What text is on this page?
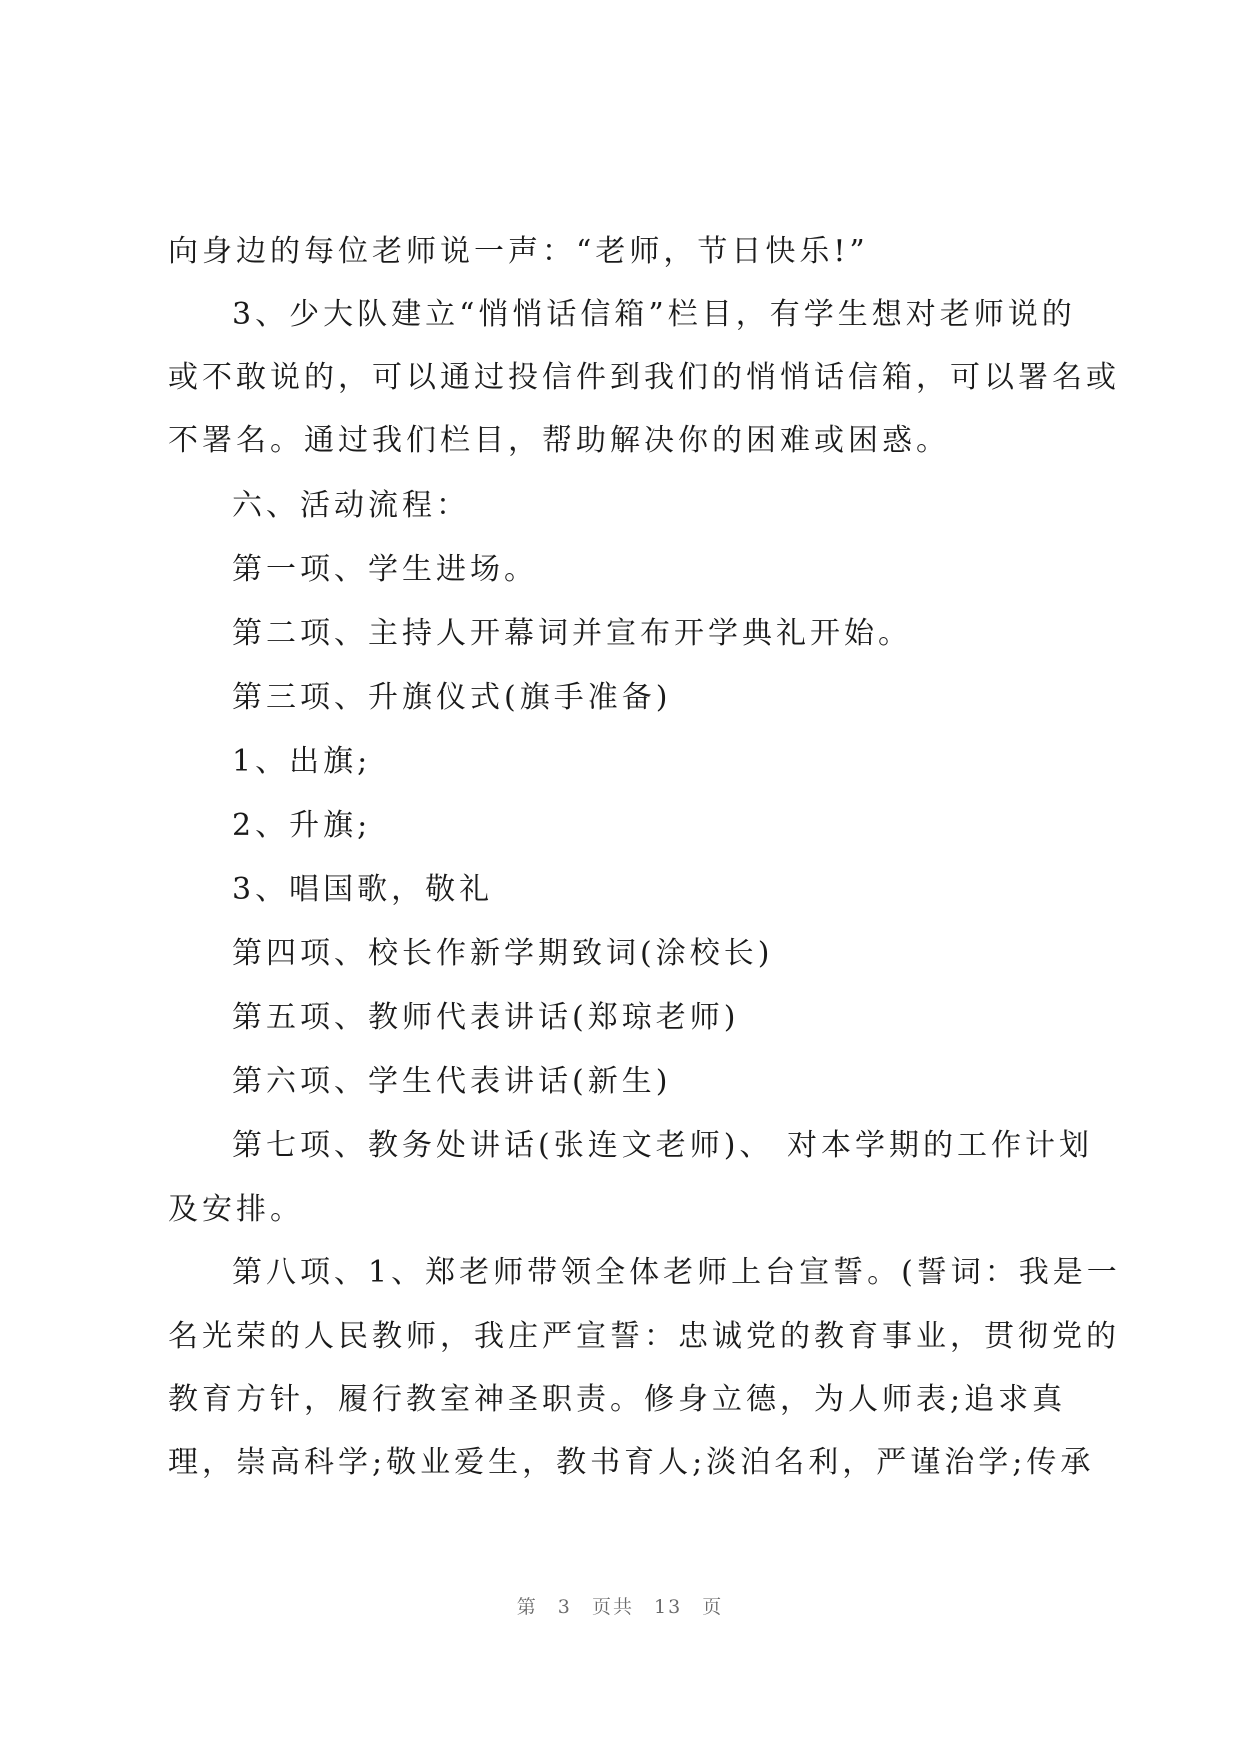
向身边的每位老师说一声：“老师，节日快乐!”
3、少大队建立“悄悄话信箱”栏目，有学生想对老师说的
或不敢说的，可以通过投信件到我们的悄悄话信箱，可以署名或
不署名。通过我们栏目，帮助解决你的困难或困惑。
六、活动流程：
第一项、学生进场。
第二项、主持人开幕词并宣布开学典礼开始。
第三项、升旗仪式(旗手准备)
1、出旗;
2、升旗;
3、唱国歌，敬礼
第四项、校长作新学期致词(涂校长)
第五项、教师代表讲话(郑琼老师)
第六项、学生代表讲话(新生)
第七项、教务处讲话(张连文老师)、 对本学期的工作计划
及安排。
第八项、1、郑老师带领全体老师上台宣誓。(誓词：我是一
名光荣的人民教师，我庄严宣誓：忠诚党的教育事业，贯彻党的
教育方针，履行教室神圣职责。修身立德，为人师表;追求真
理，崇高科学;敬业爱生，教书育人;淡泊名利，严谨治学;传承
第 3 页共 13 页
